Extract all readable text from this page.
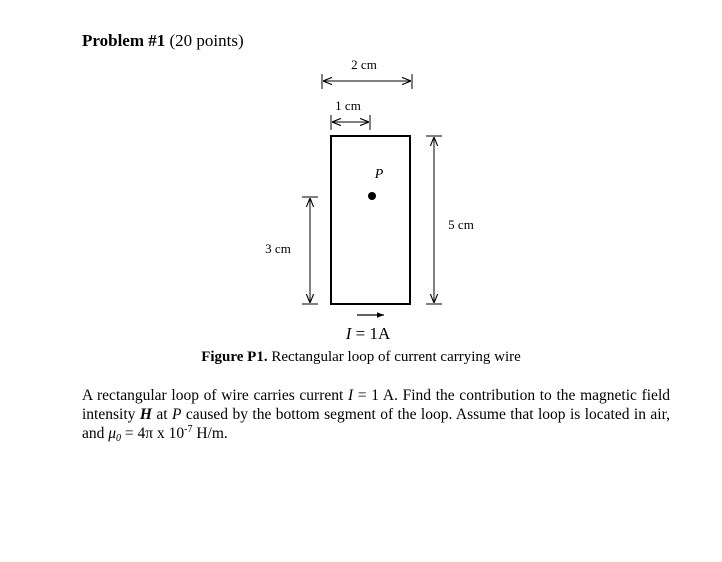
Problem #1 (20 points)
2 cm
1 cm
P
3 cm
5 cm
I = 1A
Figure P1. Rectangular loop of current carrying wire
A rectangular loop of wire carries current I = 1 A. Find the contribution to the magnetic field intensity H at P caused by the bottom segment of the loop. Assume that loop is located in air, and $\mu_0 = 4\pi$ x $10^{-7}$ H/m.
